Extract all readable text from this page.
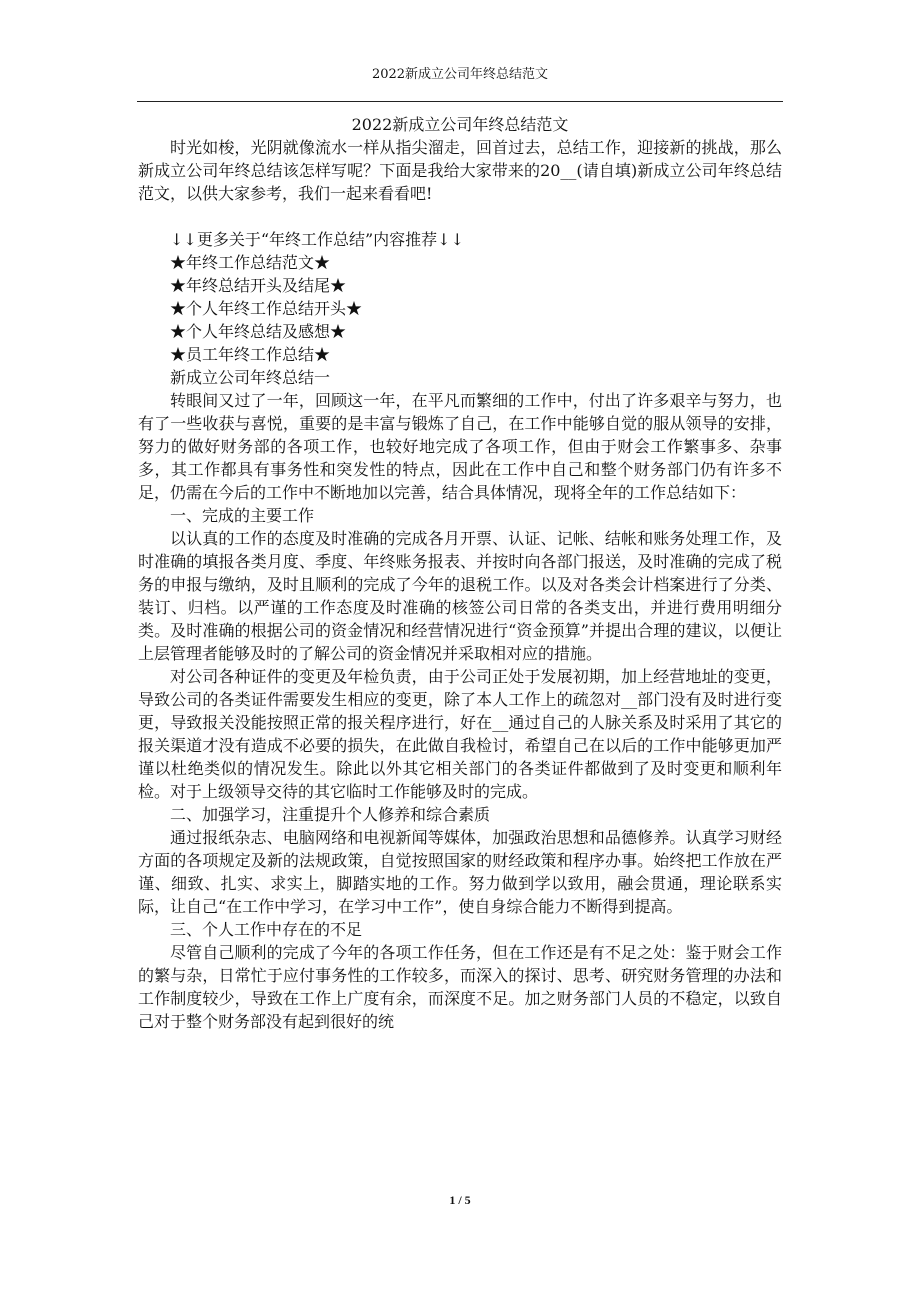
2022新成立公司年终总结范文

2022新成立公司年终总结范文

时光如梭，光阴就像流水一样从指尖溜走，回首过去，总结工作，迎接新的挑战，那么新成立公司年终总结该怎样写呢？下面是我给大家带来的20__(请自填)新成立公司年终总结范文，以供大家参考，我们一起来看看吧!

↓↓更多关于“年终工作总结”内容推荐↓↓

★年终工作总结范文★

★年终总结开头及结尾★

★个人年终工作总结开头★

★个人年终总结及感想★

★员工年终工作总结★

新成立公司年终总结一

转眼间又过了一年，回顾这一年，在平凡而繁细的工作中，付出了许多艰辛与努力，也有了一些收获与喜悦，重要的是丰富与锻炼了自己，在工作中能够自觉的服从领导的安排，努力的做好财务部的各项工作，也较好地完成了各项工作，但由于财会工作繁事多、杂事多，其工作都具有事务性和突发性的特点，因此在工作中自己和整个财务部门仍有许多不足，仍需在今后的工作中不断地加以完善，结合具体情况，现将全年的工作总结如下：

一、完成的主要工作

以认真的工作的态度及时准确的完成各月开票、认证、记帐、结帐和账务处理工作，及时准确的填报各类月度、季度、年终账务报表、并按时向各部门报送，及时准确的完成了税务的申报与缴纳，及时且顺利的完成了今年的退税工作。以及对各类会计档案进行了分类、装订、归档。以严谨的工作态度及时准确的核签公司日常的各类支出，并进行费用明细分类。及时准确的根据公司的资金情况和经营情况进行“资金预算”并提出合理的建议，以便让上层管理者能够及时的了解公司的资金情况并采取相对应的措施。

对公司各种证件的变更及年检负责，由于公司正处于发展初期，加上经营地址的变更，导致公司的各类证件需要发生相应的变更，除了本人工作上的疏忽对__部门没有及时进行变更，导致报关没能按照正常的报关程序进行，好在__通过自己的人脉关系及时采用了其它的报关渠道才没有造成不必要的损失，在此做自我检讨，希望自己在以后的工作中能够更加严谨以杜绝类似的情况发生。除此以外其它相关部门的各类证件都做到了及时变更和顺利年检。对于上级领导交待的其它临时工作能够及时的完成。

二、加强学习，注重提升个人修养和综合素质

通过报纸杂志、电脑网络和电视新闻等媒体，加强政治思想和品德修养。认真学习财经方面的各项规定及新的法规政策，自觉按照国家的财经政策和程序办事。始终把工作放在严谨、细致、扎实、求实上，脚踏实地的工作。努力做到学以致用，融会贯通，理论联系实际，让自己“在工作中学习，在学习中工作”，使自身综合能力不断得到提高。

三、个人工作中存在的不足

尽管自己顺利的完成了今年的各项工作任务，但在工作还是有不足之处：鉴于财会工作的繁与杂，日常忙于应付事务性的工作较多，而深入的探讨、思考、研究财务管理的办法和工作制度较少，导致在工作上广度有余，而深度不足。加之财务部门人员的不稳定，以致自己对于整个财务部没有起到很好的统

1 / 5
